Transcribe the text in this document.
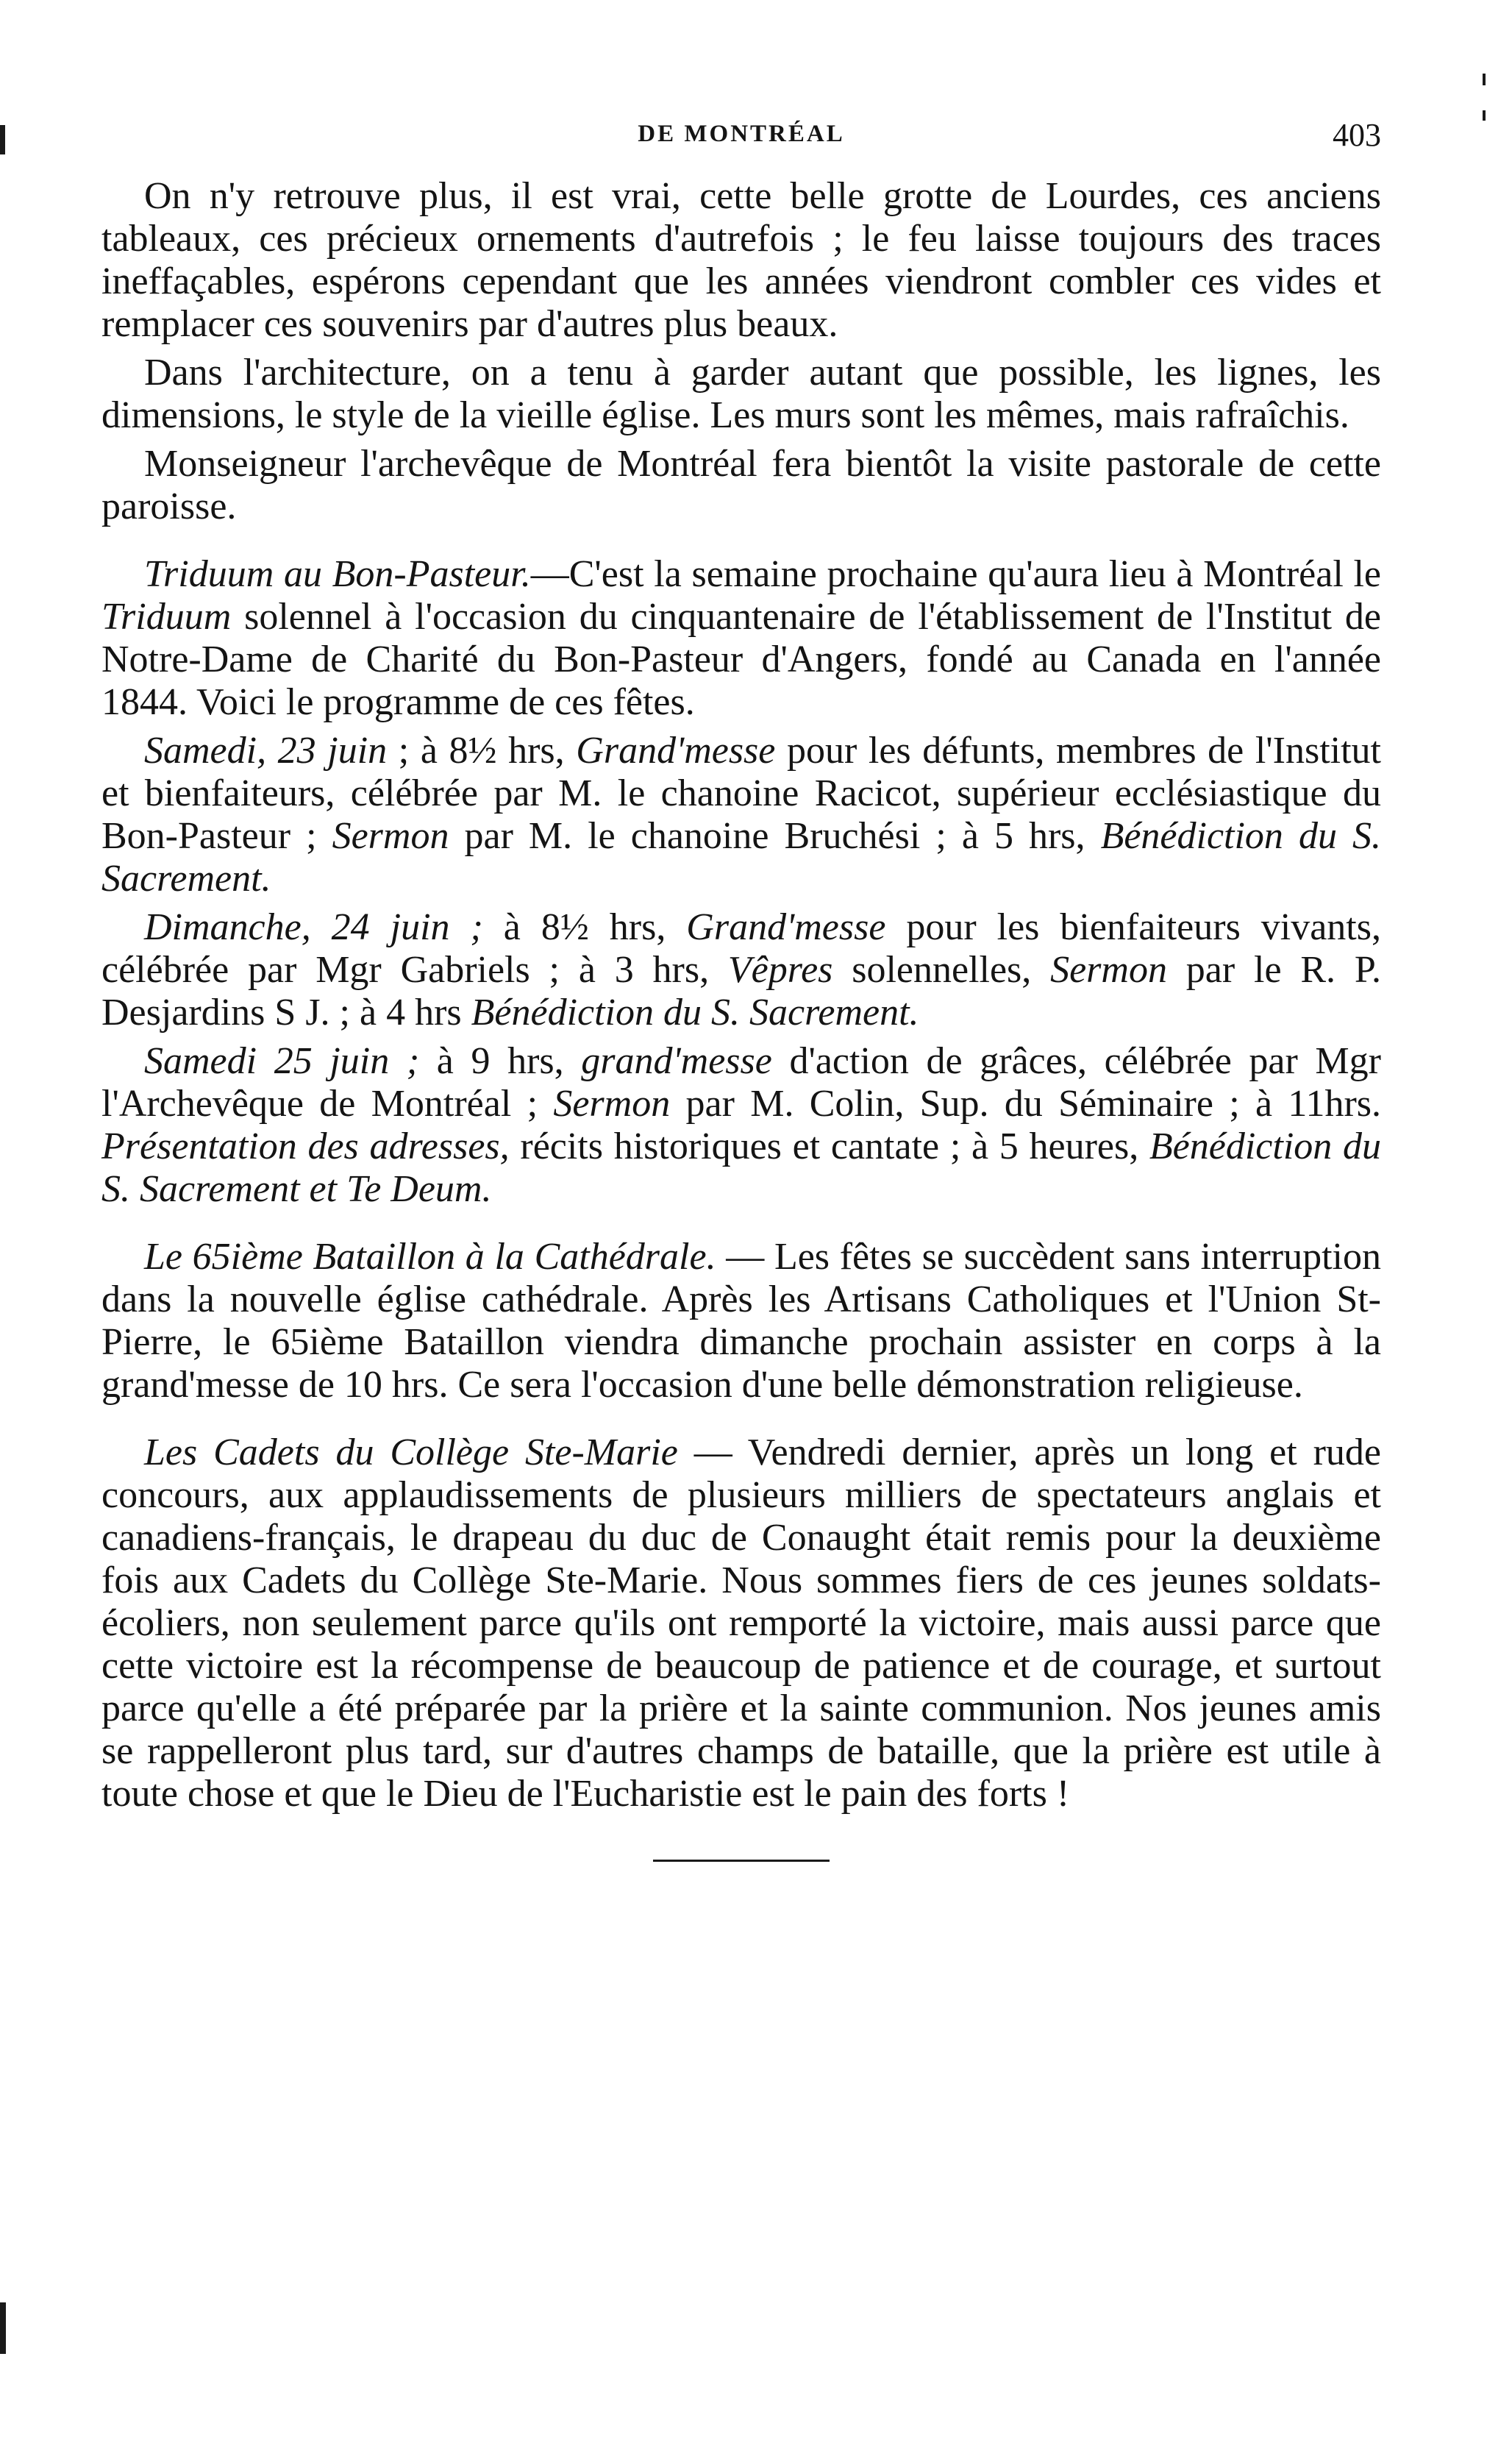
DE MONTRÉAL	403

On n'y retrouve plus, il est vrai, cette belle grotte de Lourdes, ces anciens tableaux, ces précieux ornements d'autrefois ; le feu laisse toujours des traces ineffaçables, espérons cependant que les années viendront combler ces vides et remplacer ces souvenirs par d'autres plus beaux.

Dans l'architecture, on a tenu à garder autant que possible, les lignes, les dimensions, le style de la vieille église. Les murs sont les mêmes, mais rafraîchis.

Monseigneur l'archevêque de Montréal fera bientôt la visite pastorale de cette paroisse.

Triduum au Bon-Pasteur.—C'est la semaine prochaine qu'aura lieu à Montréal le Triduum solennel à l'occasion du cinquantenaire de l'établissement de l'Institut de Notre-Dame de Charité du Bon-Pasteur d'Angers, fondé au Canada en l'année 1844. Voici le programme de ces fêtes.

Samedi, 23 juin ; à 8½ hrs, Grand'messe pour les défunts, membres de l'Institut et bienfaiteurs, célébrée par M. le chanoine Racicot, supérieur ecclésiastique du Bon-Pasteur ; Sermon par M. le chanoine Bruchési ; à 5 hrs, Bénédiction du S. Sacrement.

Dimanche, 24 juin ; à 8½ hrs, Grand'messe pour les bienfaiteurs vivants, célébrée par Mgr Gabriels ; à 3 hrs, Vêpres solennelles, Sermon par le R. P. Desjardins S J. ; à 4 hrs Bénédiction du S. Sacrement.

Samedi 25 juin ; à 9 hrs, grand'messe d'action de grâces, célébrée par Mgr l'Archevêque de Montréal ; Sermon par M. Colin, Sup. du Séminaire ; à 11hrs. Présentation des adresses, récits historiques et cantate ; à 5 heures, Bénédiction du S. Sacrement et Te Deum.

Le 65ième Bataillon à la Cathédrale. — Les fêtes se succèdent sans interruption dans la nouvelle église cathédrale. Après les Artisans Catholiques et l'Union St-Pierre, le 65ième Bataillon viendra dimanche prochain assister en corps à la grand'messe de 10 hrs. Ce sera l'occasion d'une belle démonstration religieuse.

Les Cadets du Collège Ste-Marie — Vendredi dernier, après un long et rude concours, aux applaudissements de plusieurs milliers de spectateurs anglais et canadiens-français, le drapeau du duc de Conaught était remis pour la deuxième fois aux Cadets du Collège Ste-Marie. Nous sommes fiers de ces jeunes soldats-écoliers, non seulement parce qu'ils ont remporté la victoire, mais aussi parce que cette victoire est la récompense de beaucoup de patience et de courage, et surtout parce qu'elle a été préparée par la prière et la sainte communion. Nos jeunes amis se rappelleront plus tard, sur d'autres champs de bataille, que la prière est utile à toute chose et que le Dieu de l'Eucharistie est le pain des forts !
